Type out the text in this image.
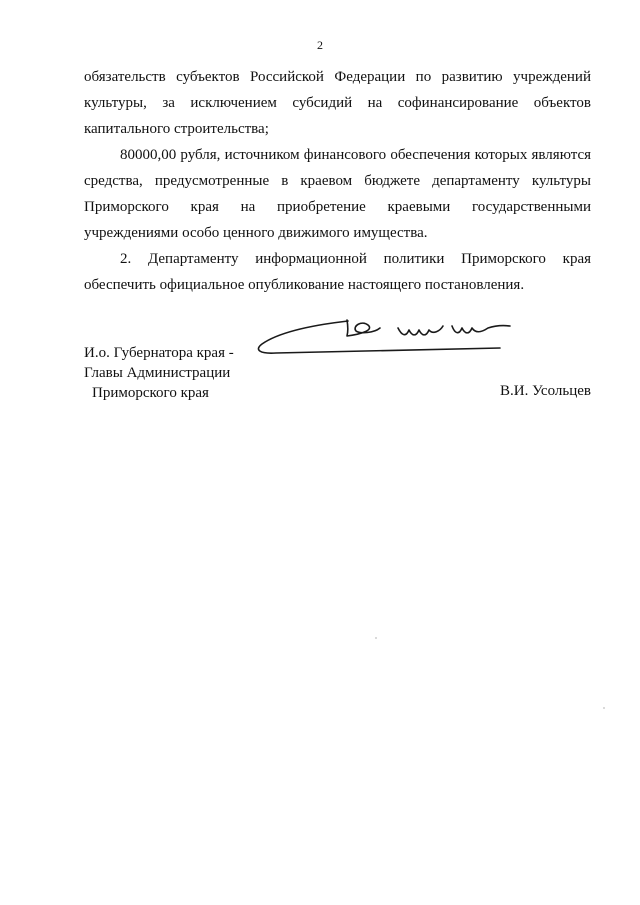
2

обязательств субъектов Российской Федерации по развитию учреждений

культуры, за исключением субсидий на софинансирование объектов

капитального строительства;

80000,00 рубля, источником финансового обеспечения которых являются

средства, предусмотренные в краевом бюджете департаменту культуры

Приморского края на приобретение краевыми государственными

учреждениями особо ценного движимого имущества.

2. Департаменту информационной политики Приморского края

обеспечить официальное опубликование настоящего постановления.

И.о. Губернатора края -
Главы Администрации
Приморского края	В.И. Усольцев
